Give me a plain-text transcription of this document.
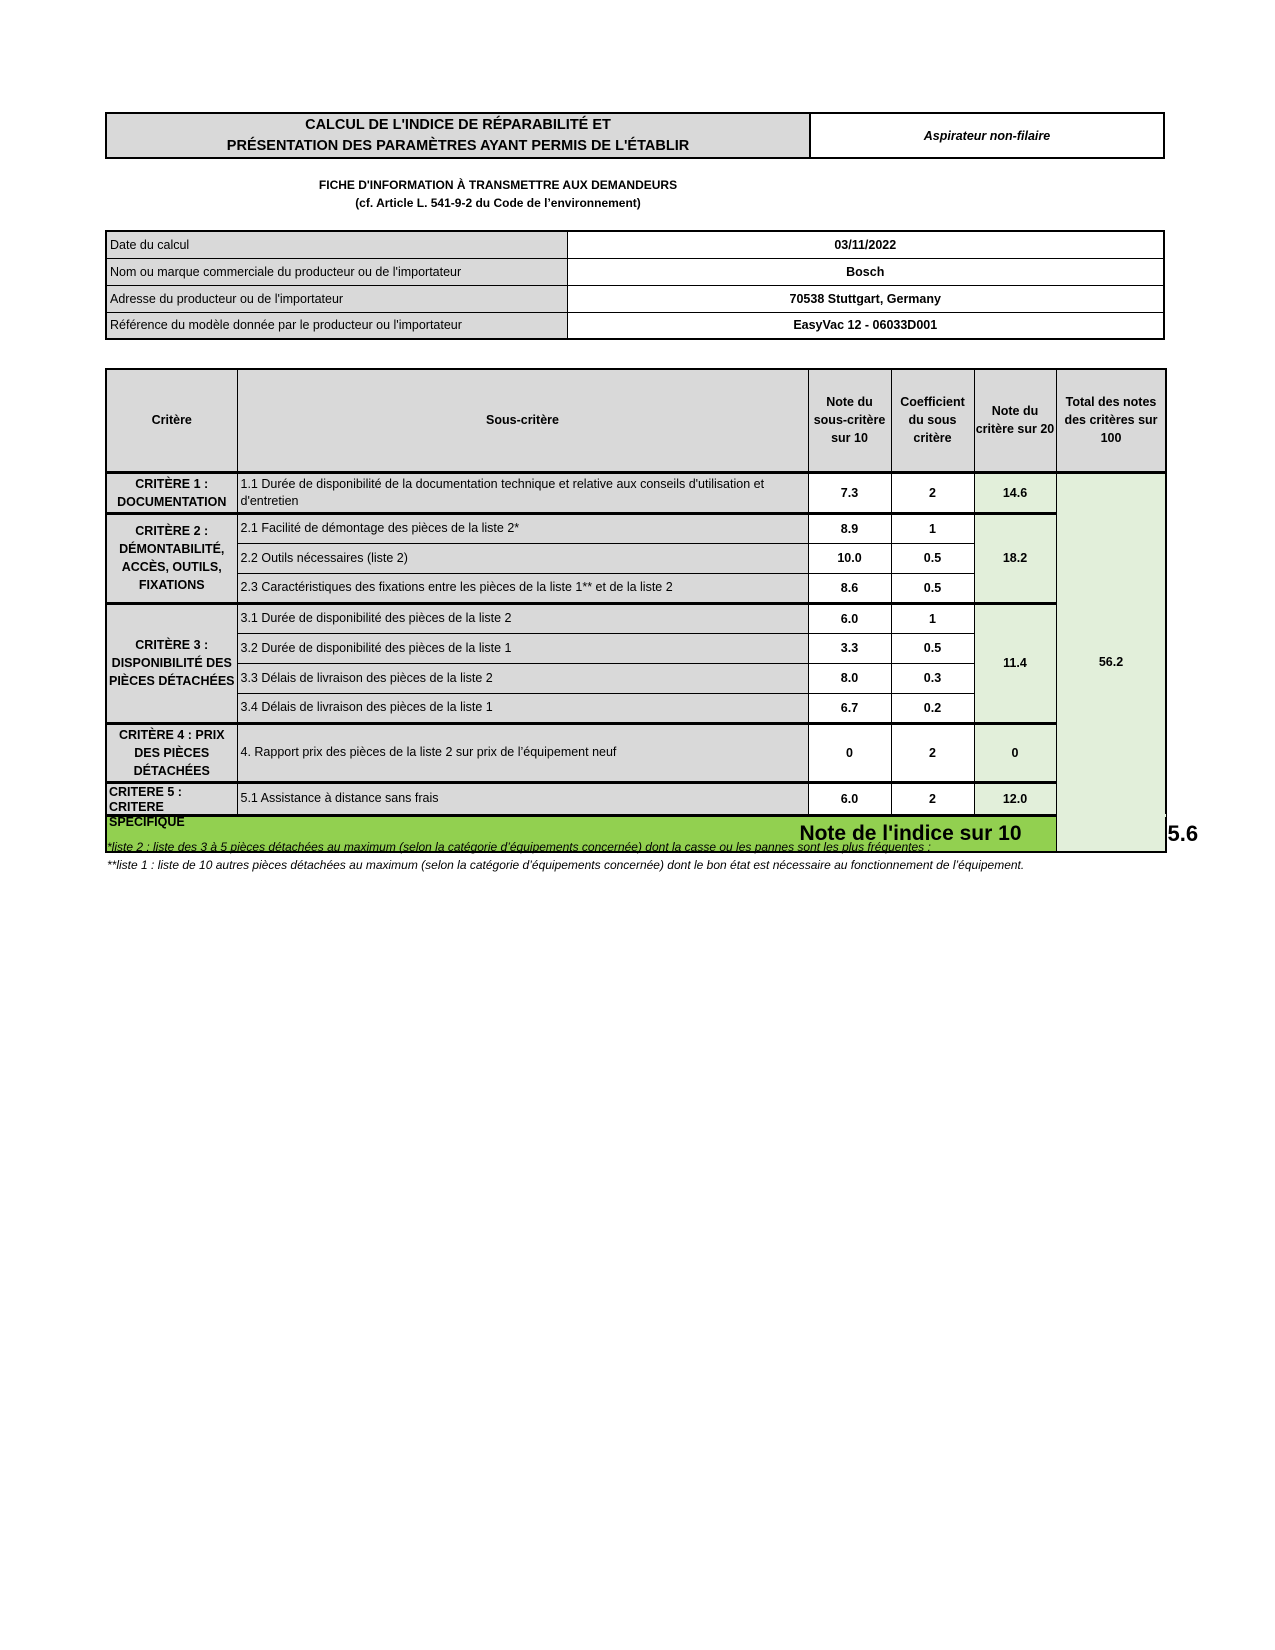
CALCUL DE L'INDICE DE RÉPARABILITÉ ET
PRÉSENTATION DES PARAMÈTRES AYANT PERMIS DE L'ÉTABLIR
Aspirateur non-filaire
FICHE D'INFORMATION À TRANSMETTRE AUX DEMANDEURS
(cf. Article L. 541-9-2 du Code de l’environnement)
Date du calcul	03/11/2022
Nom ou marque commerciale du producteur ou de l'importateur	Bosch
Adresse du producteur ou de l'importateur	70538 Stuttgart, Germany
Référence du modèle donnée par le producteur ou l'importateur	EasyVac 12 - 06033D001
Critère	Sous-critère	Note du sous-critère sur 10	Coefficient du sous critère	Note du critère sur 20	Total des notes des critères sur 100	
CRITÈRE 1 : DOCUMENTATION	1.1 Durée de disponibilité de la documentation technique et relative aux conseils d'utilisation et d'entretien	7.3	2	14.6	56.2	
CRITÈRE 2 : DÉMONTABILITÉ, ACCÈS, OUTILS, FIXATIONS	2.1 Facilité de démontage des pièces de la liste 2*	8.9	1	18.2		
	2.2 Outils nécessaires (liste 2)	10.0	0.5			
	2.3 Caractéristiques des fixations entre les pièces de la liste 1** et de la liste 2	8.6	0.5			
CRITÈRE 3 : DISPONIBILITÉ DES PIÈCES DÉTACHÉES	3.1 Durée de disponibilité des pièces de la liste 2	6.0	1	11.4		
	3.2 Durée de disponibilité des pièces de la liste 1	3.3	0.5			
	3.3 Délais de livraison des pièces de la liste 2	8.0	0.3			
	3.4 Délais de livraison des pièces de la liste 1	6.7	0.2			
CRITÈRE 4 : PRIX DES PIÈCES DÉTACHÉES	4. Rapport prix des pièces de la liste 2 sur prix de l’équipement neuf	0	2	0		

CRITERE 5 : CRITERE SPÉCIFIQUE	5.1 Assistance à distance sans frais	6.0	2	12.0		
Note de l'indice sur 10						5.6
*liste 2 : liste des 3 à 5 pièces détachées au maximum (selon la catégorie d’équipements concernée) dont la casse ou les pannes sont les plus fréquentes ;
**liste 1 : liste de 10 autres pièces détachées au maximum (selon la catégorie d’équipements concernée) dont le bon état est nécessaire au fonctionnement de l’équipement.
